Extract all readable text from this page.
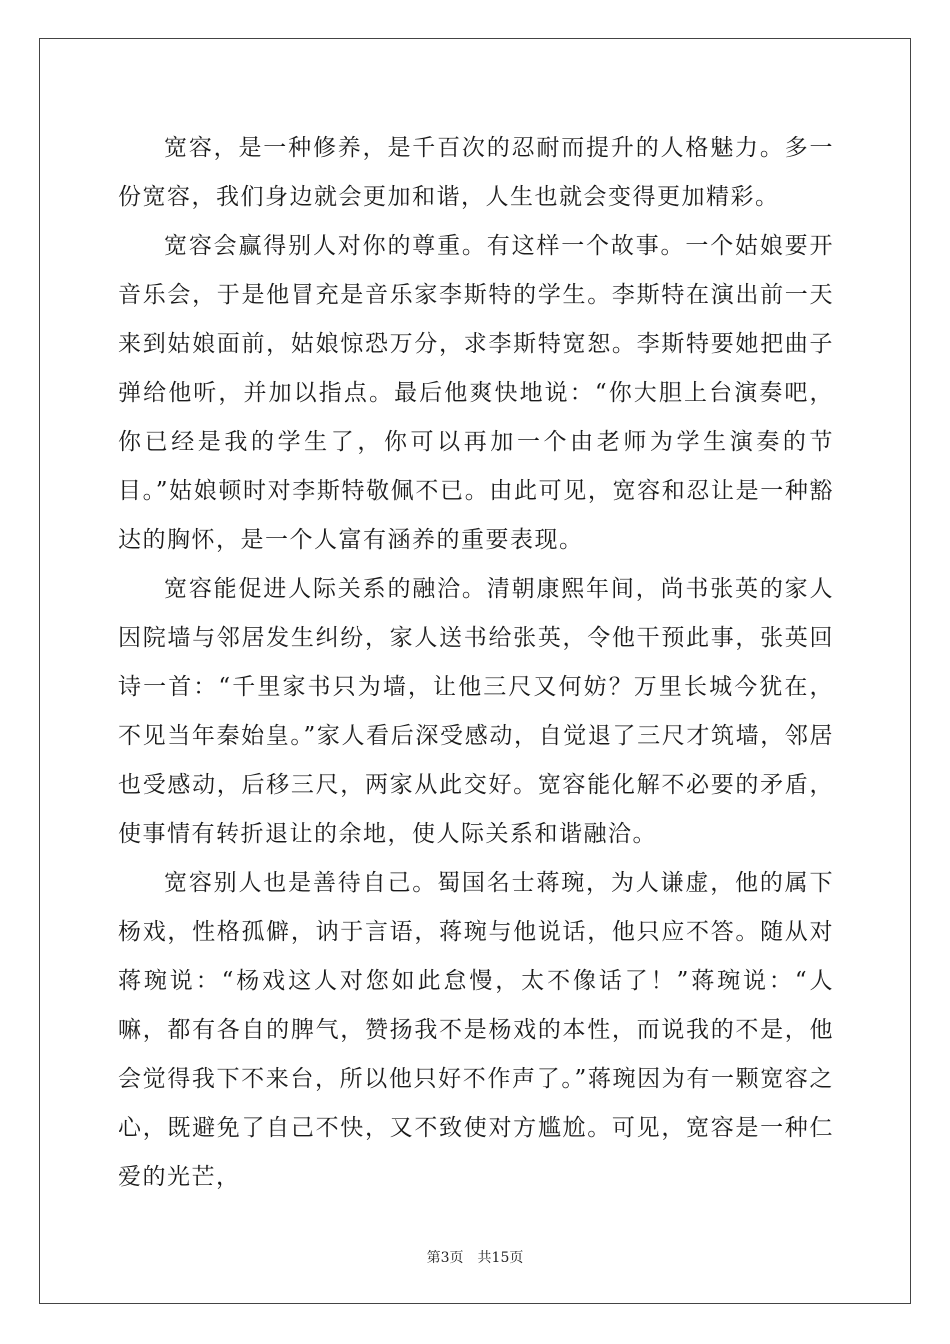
宽容，是一种修养，是千百次的忍耐而提升的人格魅力。多一份宽容，我们身边就会更加和谐，人生也就会变得更加精彩。

宽容会赢得别人对你的尊重。有这样一个故事。一个姑娘要开音乐会，于是他冒充是音乐家李斯特的学生。李斯特在演出前一天来到姑娘面前，姑娘惊恐万分，求李斯特宽恕。李斯特要她把曲子弹给他听，并加以指点。最后他爽快地说：“你大胆上台演奏吧，你已经是我的学生了，你可以再加一个由老师为学生演奏的节目。”姑娘顿时对李斯特敬佩不已。由此可见，宽容和忍让是一种豁达的胸怀，是一个人富有涵养的重要表现。

宽容能促进人际关系的融洽。清朝康熙年间，尚书张英的家人因院墙与邻居发生纠纷，家人送书给张英，令他干预此事，张英回诗一首：“千里家书只为墙，让他三尺又何妨？万里长城今犹在，不见当年秦始皇。”家人看后深受感动，自觉退了三尺才筑墙，邻居也受感动，后移三尺，两家从此交好。宽容能化解不必要的矛盾，使事情有转折退让的余地，使人际关系和谐融洽。

宽容别人也是善待自己。蜀国名士蒋琬，为人谦虚，他的属下杨戏，性格孤僻，讷于言语，蒋琬与他说话，他只应不答。随从对蒋琬说：“杨戏这人对您如此怠慢，太不像话了！”蒋琬说：“人嘛，都有各自的脾气，赞扬我不是杨戏的本性，而说我的不是，他会觉得我下不来台，所以他只好不作声了。”蒋琬因为有一颗宽容之心，既避免了自己不快，又不致使对方尴尬。可见，宽容是一种仁爱的光芒，

第3页　共15页
